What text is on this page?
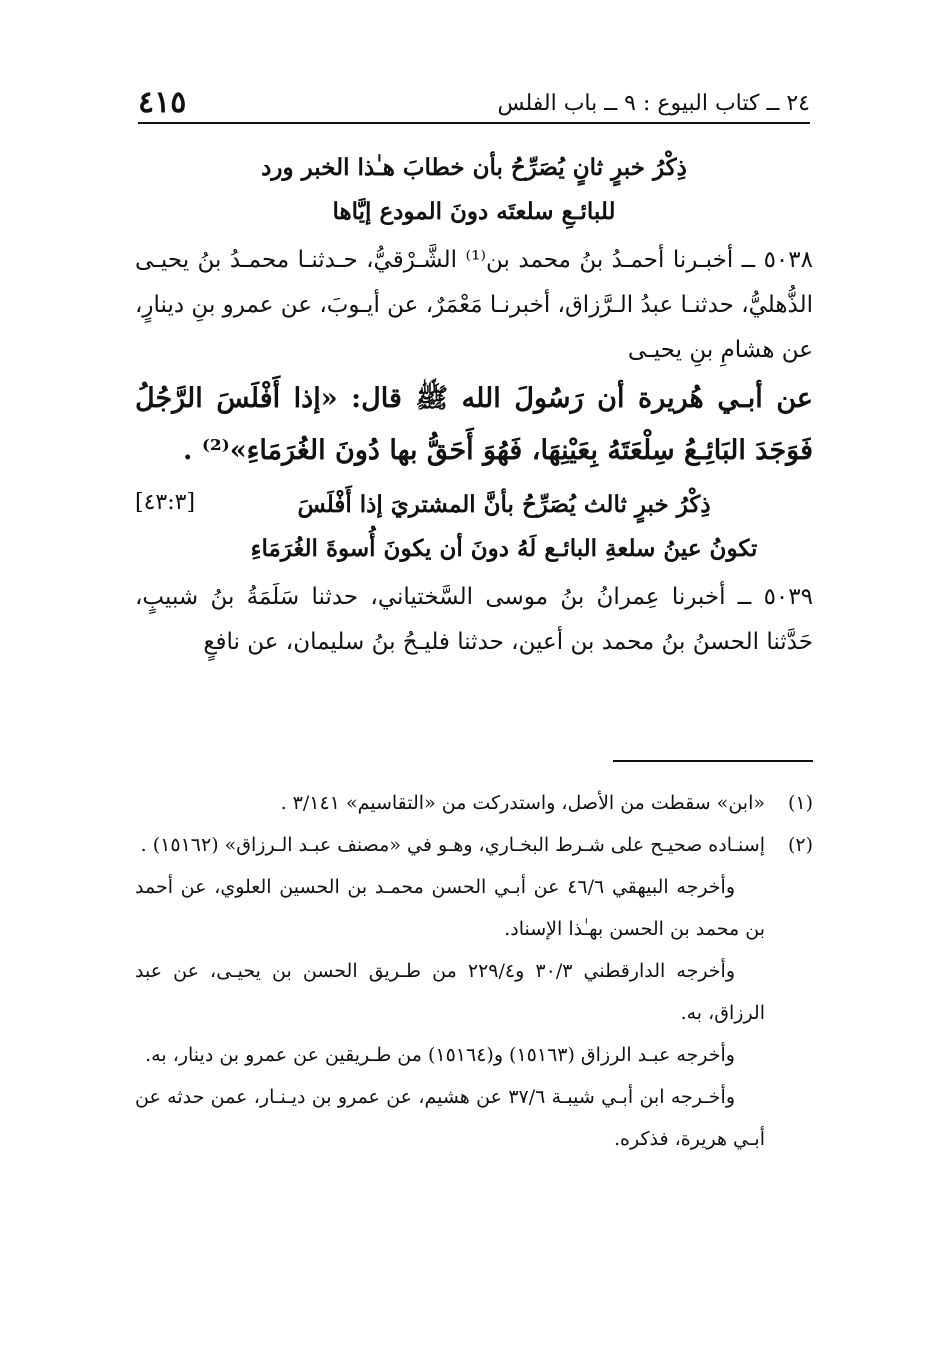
٢٤ ــ كتاب البيوع : ٩ ــ باب الفلس
٤١٥
ذِكْرُ خبرٍ ثانٍ يُصَرِّحُ بأن خطابَ هـٰذا الخبر ورد
للبائـعِ سلعتَه دونَ المودع إيَّاها

٥٠٣٨ ــ أخبـرنا أحمـدُ بنُ محمد بن⁽¹⁾ الشَّـرْقيُّ، حـدثنـا محمـدُ بنُ يحيـى الذُّهليُّ، حدثنـا عبدُ الـرَّزاق، أخبرنـا مَعْمَرٌ، عن أيـوبَ، عن عمرو بنِ دينارٍ، عن هشامِ بنِ يحيـى

عن أبـي هُريرة أن رَسُولَ الله ﷺ قال: «إذا أَفْلَسَ الرَّجُلُ فَوَجَدَ البَائِـعُ سِلْعَتَهُ بِعَيْنِهَا، فَهُوَ أَحَقُّ بها دُونَ الغُرَمَاءِ»⁽²⁾ .
[٤٣:٣]	ذِكْرُ خبرٍ ثالث يُصَرِّحُ بأنَّ المشتريَ إذا أَفْلَسَ
تكونُ عينُ سلعةِ البائـع لَهُ دونَ أن يكونَ أُسوةَ الغُرَمَاءِ

٥٠٣٩ ــ أخبرنا عِمرانُ بنُ موسى السَّختياني، حدثنا سَلَمَةُ بنُ شبيبٍ، حَدَّثنا الحسنُ بنُ محمد بن أعين، حدثنا فليـحُ بنُ سليمان، عن نافعٍ

(١)
«ابن» سقطت من الأصل، واستدركت من «التقاسيم» ٣/١٤١ .

(٢)
إسنـاده صحيـح على شـرط البخـاري، وهـو في «مصنف عبـد الـرزاق» (١٥١٦٢) .

وأخرجه البيهقي ٤٦/٦ عن أبـي الحسن محمـد بن الحسين العلوي، عن أحمد بن محمد بن الحسن بهـٰذا الإسناد.

وأخرجه الدارقطني ٣٠/٣ و٢٢٩/٤ من طـريق الحسن بن يحيـى، عن عبد الرزاق، به.

وأخرجه عبـد الرزاق (١٥١٦٣) و(١٥١٦٤) من طـريقين عن عمرو بن دينار، به.

وأخـرجه ابن أبـي شيبـة ٣٧/٦ عن هشيم، عن عمرو بن ديـنـار، عمن حدثه عن أبـي هريرة، فذكره.
